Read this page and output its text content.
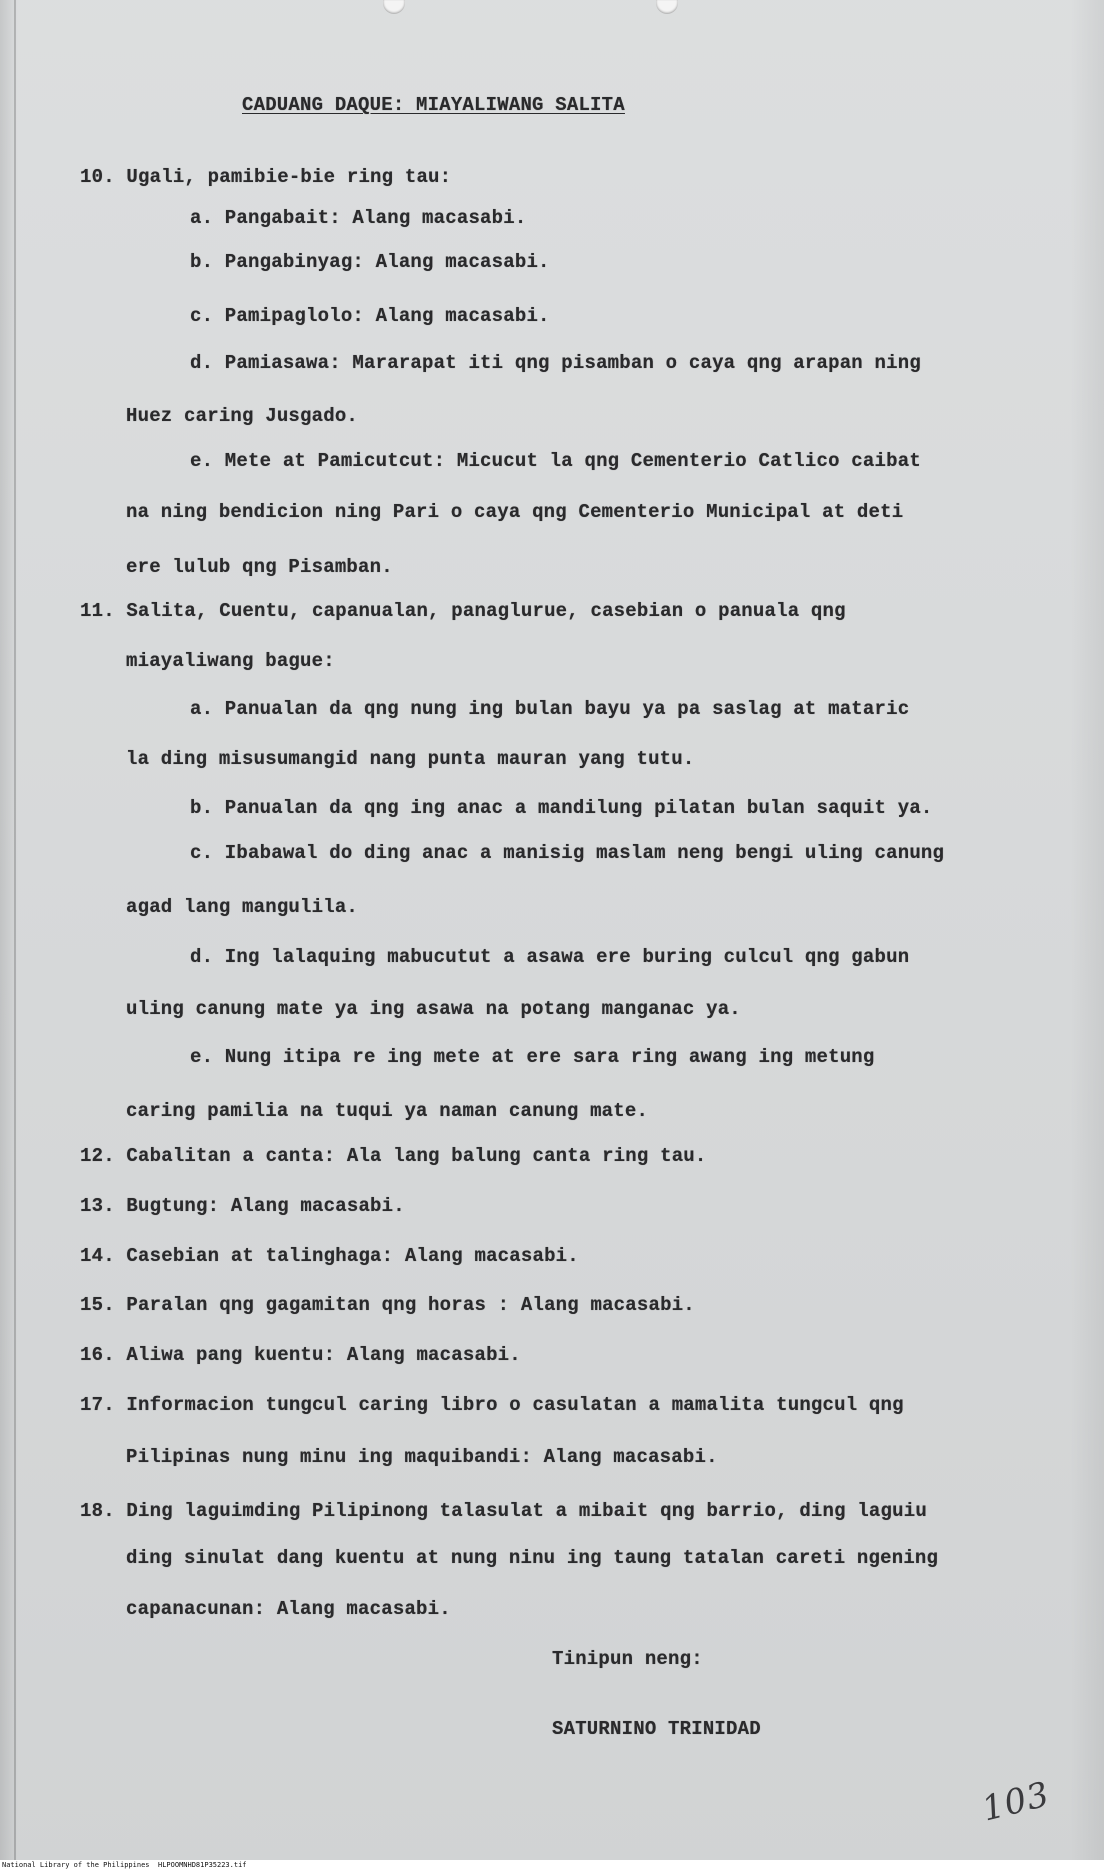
CADUANG DAQUE: MIAYALIWANG SALITA
10. Ugali, pamibie-bie ring tau:
a. Pangabait: Alang macasabi.
b. Pangabinyag: Alang macasabi.
c. Pamipaglolo: Alang macasabi.
d. Pamiasawa: Mararapat iti qng pisamban o caya qng arapan ning
Huez caring Jusgado.
e. Mete at Pamicutcut: Micucut la qng Cementerio Catlico caibat
na ning bendicion ning Pari o caya qng Cementerio Municipal at deti
ere lulub qng Pisamban.
11. Salita, Cuentu, capanualan, panaglurue, casebian o panuala qng
miayaliwang bague:
a. Panualan da qng nung ing bulan bayu ya pa saslag at mataric
la ding misusumangid nang punta mauran yang tutu.
b. Panualan da qng ing anac a mandilung pilatan bulan saquit ya.
c. Ibabawal do ding anac a manisig maslam neng bengi uling canung
agad lang mangulila.
d. Ing lalaquing mabucutut a asawa ere buring culcul qng gabun
uling canung mate ya ing asawa na potang manganac ya.
e. Nung itipa re ing mete at ere sara ring awang ing metung
caring pamilia na tuqui ya naman canung mate.
12. Cabalitan a canta: Ala lang balung canta ring tau.
13. Bugtung: Alang macasabi.
14. Casebian at talinghaga: Alang macasabi.
15. Paralan qng gagamitan qng horas : Alang macasabi.
16. Aliwa pang kuentu: Alang macasabi.
17. Informacion tungcul caring libro o casulatan a mamalita tungcul qng
Pilipinas nung minu ing maquibandi: Alang macasabi.
18. Ding laguimding Pilipinong talasulat a mibait qng barrio, ding laguiu
ding sinulat dang kuentu at nung ninu ing taung tatalan careti ngening
capanacunan: Alang macasabi.
Tinipun neng:
SATURNINO TRINIDAD
103
National Library of the Philippines HLPOOMNHD81P35223.tif
